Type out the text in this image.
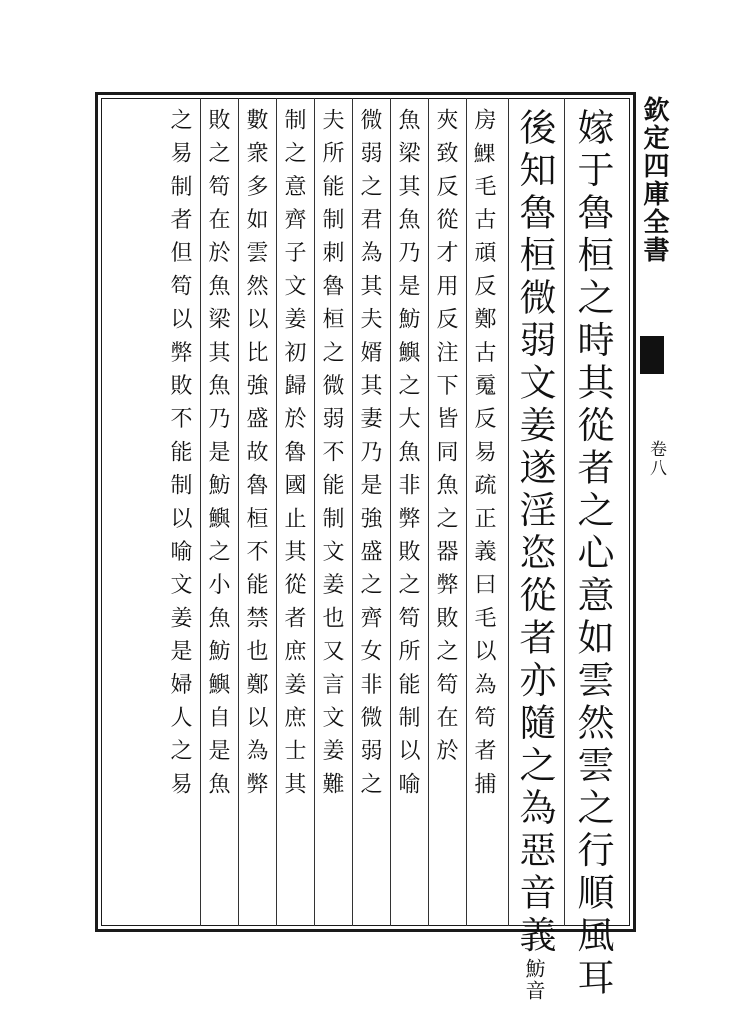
欽定四庫全書
卷八
嫁于魯桓之時其從者之心意如雲然雲之行順風耳
後知魯桓微弱文姜遂淫恣從者亦隨之為惡音義魴音
房𩸄毛古頑反鄭古䰟反易疏正義曰毛以為笱者捕
夾致反從才用反注下皆同魚之器弊敗之笱在於
魚梁其魚乃是魴鱮之大魚非弊敗之笱所能制以喻
微弱之君為其夫婿其妻乃是強盛之齊女非微弱之
夫所能制刺魯桓之微弱不能制文姜也又言文姜難
制之意齊子文姜初歸於魯國止其從者庶姜庶士其
數衆多如雲然以比強盛故魯桓不能禁也鄭以為弊
敗之笱在於魚梁其魚乃是魴鱮之小魚魴鱮自是魚
之易制者但笱以弊敗不能制以喻文姜是婦人之易
